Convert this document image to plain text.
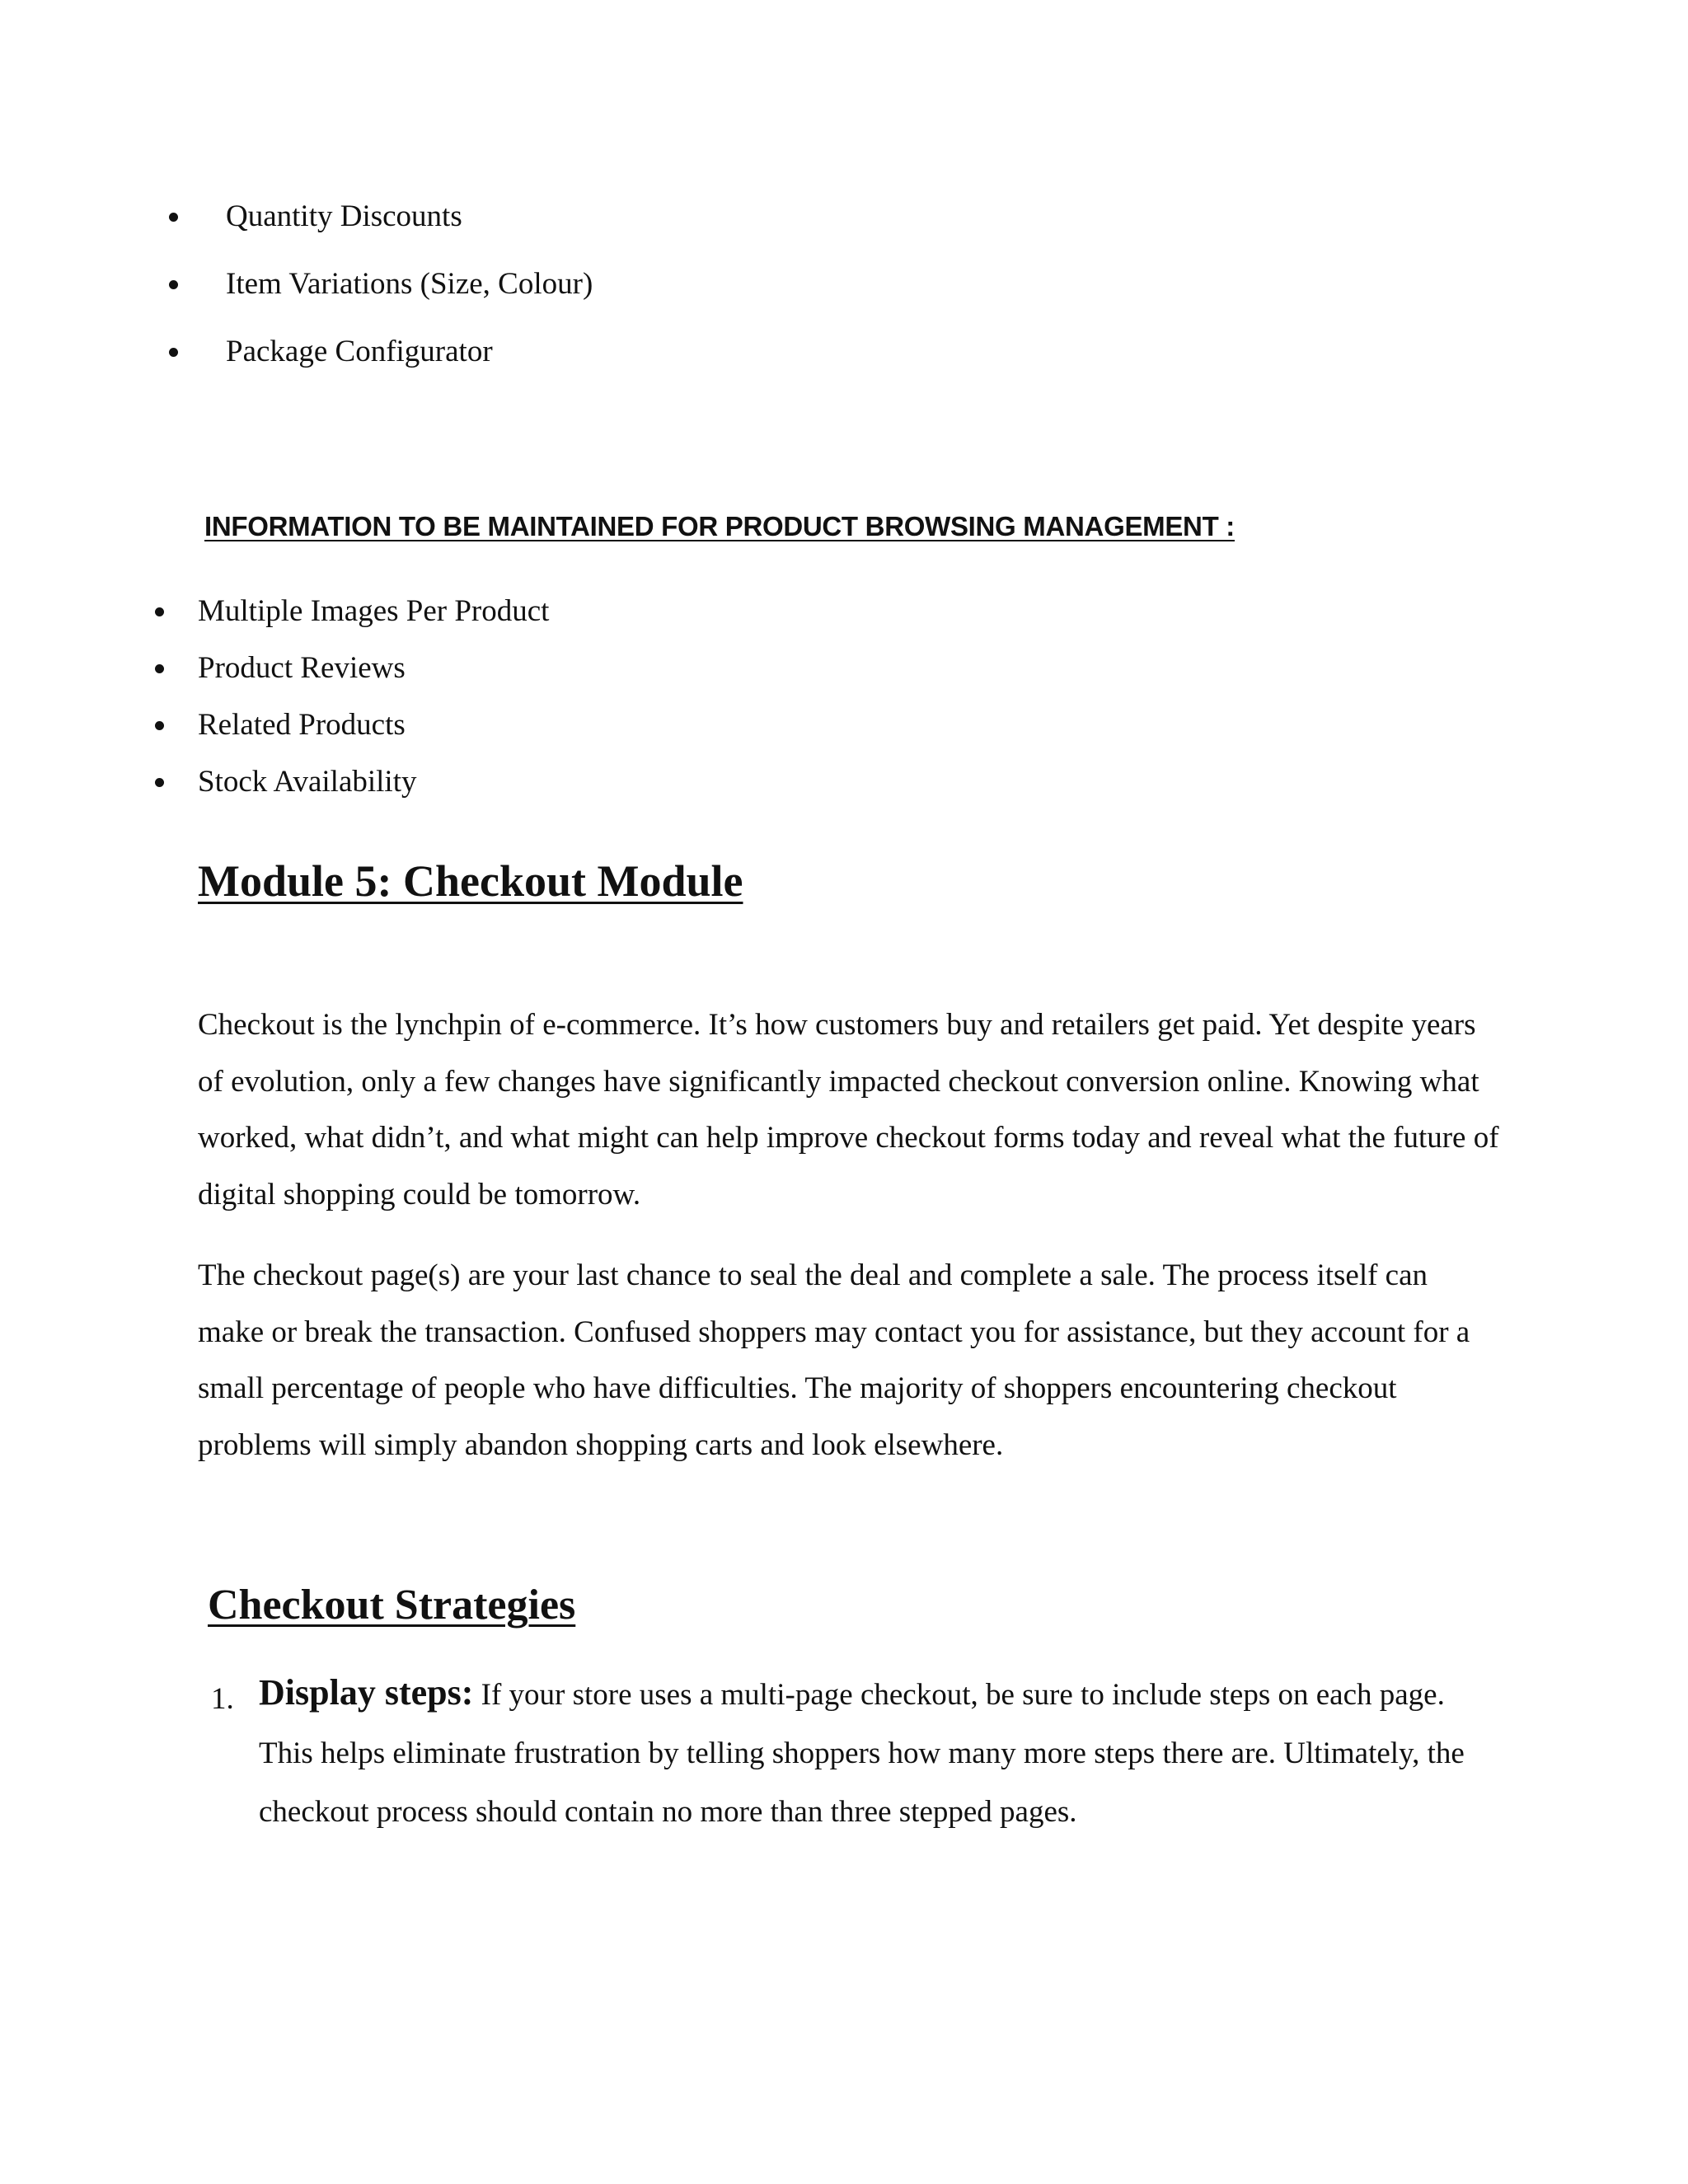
Quantity Discounts
Item Variations (Size, Colour)
Package Configurator
INFORMATION TO BE MAINTAINED FOR PRODUCT BROWSING MANAGEMENT :
Multiple Images Per Product
Product Reviews
Related Products
Stock Availability
Module 5: Checkout Module

Checkout is the lynchpin of e-commerce. It’s how customers buy and retailers get paid. Yet despite years of evolution, only a few changes have significantly impacted checkout conversion online. Knowing what worked, what didn’t, and what might can help improve checkout forms today and reveal what the future of digital shopping could be tomorrow.

The checkout page(s) are your last chance to seal the deal and complete a sale. The process itself can make or break the transaction. Confused shoppers may contact you for assistance, but they account for a small percentage of people who have difficulties. The majority of shoppers encountering checkout problems will simply abandon shopping carts and look elsewhere.

Checkout Strategies
1. Display steps: If your store uses a multi-page checkout, be sure to include steps on each page. This helps eliminate frustration by telling shoppers how many more steps there are. Ultimately, the checkout process should contain no more than three stepped pages.
